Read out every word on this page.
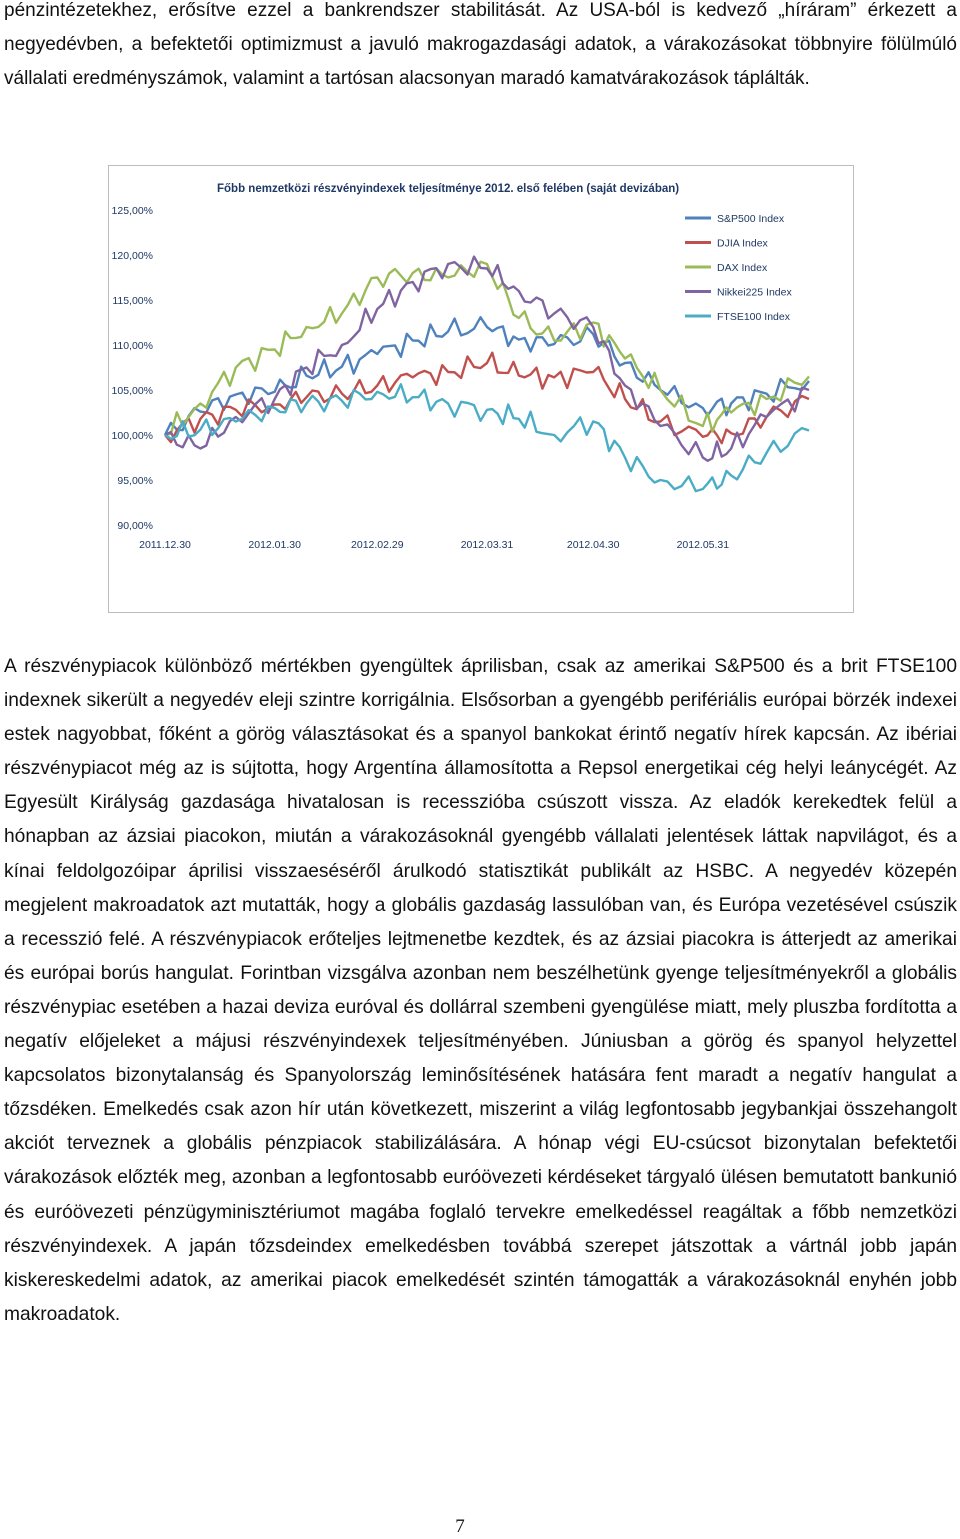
pénzintézetekhez, erősítve ezzel a bankrendszer stabilitását. Az USA-ból is kedvező „híráram” érkezett a negyedévben, a befektetői optimizmust a javuló makrogazdasági adatok, a várakozásokat többnyire fölülmúló vállalati eredményszámok, valamint a tartósan alacsonyan maradó kamatvárakozások táplálták.

Főbb nemzetközi részvényindexek teljesítménye 2012. első felében (saját devizában)
90,00%
95,00%
100,00%
105,00%
110,00%
115,00%
120,00%
125,00%
2011.12.30	2012.01.30	2012.02.29	2012.03.31	2012.04.30	2012.05.31
S&P500 Index
DJIA Index
DAX Index
Nikkei225 Index
FTSE100 Index

A részvénypiacok különböző mértékben gyengültek áprilisban, csak az amerikai S&P500 és a brit FTSE100 indexnek sikerült a negyedév eleji szintre korrigálnia. Elsősorban a gyengébb perifériális európai börzék indexei estek nagyobbat, főként a görög választásokat és a spanyol bankokat érintő negatív hírek kapcsán. Az ibériai részvénypiacot még az is sújtotta, hogy Argentína államosította a Repsol energetikai cég helyi leánycégét. Az Egyesült Királyság gazdasága hivatalosan is recesszióba csúszott vissza. Az eladók kerekedtek felül a hónapban az ázsiai piacokon, miután a várakozásoknál gyengébb vállalati jelentések láttak napvilágot, és a kínai feldolgozóipar áprilisi visszaeséséről árulkodó statisztikát publikált az HSBC. A negyedév közepén megjelent makroadatok azt mutatták, hogy a globális gazdaság lassulóban van, és Európa vezetésével csúszik a recesszió felé. A részvénypiacok erőteljes lejtmenetbe kezdtek, és az ázsiai piacokra is átterjedt az amerikai és európai borús hangulat. Forintban vizsgálva azonban nem beszélhetünk gyenge teljesítményekről a globális részvénypiac esetében a hazai deviza euróval és dollárral szembeni gyengülése miatt, mely pluszba fordította a negatív előjeleket a májusi részvényindexek teljesítményében. Júniusban a görög és spanyol helyzettel kapcsolatos bizonytalanság és Spanyolország leminősítésének hatására fent maradt a negatív hangulat a tőzsdéken. Emelkedés csak azon hír után következett, miszerint a világ legfontosabb jegybankjai összehangolt akciót terveznek a globális pénzpiacok stabilizálására. A hónap végi EU-csúcsot bizonytalan befektetői várakozások előzték meg, azonban a legfontosabb euróövezeti kérdéseket tárgyaló ülésen bemutatott bankunió és euróövezeti pénzügyminisztériumot magába foglaló tervekre emelkedéssel reagáltak a főbb nemzetközi részvényindexek. A japán tőzsdeindex emelkedésben továbbá szerepet játszottak a vártnál jobb japán kiskereskedelmi adatok, az amerikai piacok emelkedését szintén támogatták a várakozásoknál enyhén jobb makroadatok.

7
